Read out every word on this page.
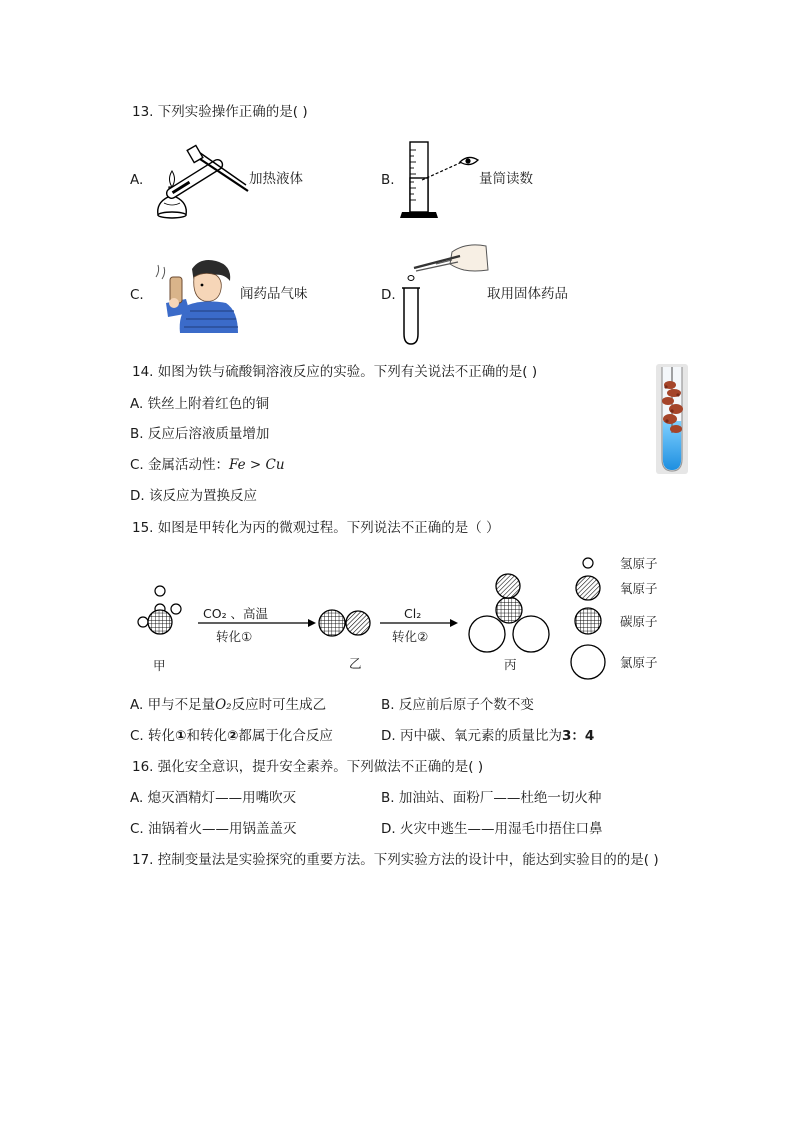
13. 下列实验操作正确的是( )
A.	加热液体	B.	量筒读数
C.	闻药品气味	D.	取用固体药品
14. 如图为铁与硫酸铜溶液反应的实验。下列有关说法不正确的是( )
A. 铁丝上附着红色的铜
B. 反应后溶液质量增加
C. 金属活动性：Fe > Cu
D. 该反应为置换反应
15. 如图是甲转化为丙的微观过程。下列说法不正确的是（ ）
CO₂ 、高温
转化①
Cl₂
转化②
甲	乙	丙
氢原子
氧原子
碳原子
氯原子
A. 甲与不足量O₂反应时可生成乙	B. 反应前后原子个数不变
C. 转化①和转化②都属于化合反应	D. 丙中碳、氧元素的质量比为3：4
16. 强化安全意识，提升安全素养。下列做法不正确的是( )
A. 熄灭酒精灯——用嘴吹灭	B. 加油站、面粉厂——杜绝一切火种
C. 油锅着火——用锅盖盖灭	D. 火灾中逃生——用湿毛巾捂住口鼻
17. 控制变量法是实验探究的重要方法。下列实验方法的设计中，能达到实验目的的是( )
